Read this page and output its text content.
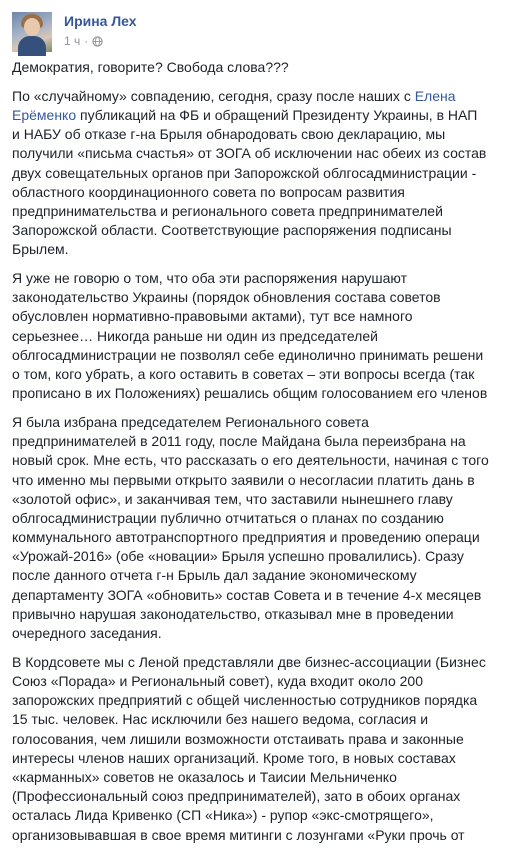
Ирина Лех
1 ч ·

Демократия, говорите? Свобода слова???

По «случайному» совпадению, сегодня, сразу после наших с Елена
Ерёменко публикаций на ФБ и обращений Президенту Украины, в НАП
и НАБУ об отказе г-на Брыля обнародовать свою декларацию, мы
получили «письма счастья» от ЗОГА об исключении нас обеих из состав
двух совещательных органов при Запорожской облгосадминистрации -
областного координационного совета по вопросам развития
предпринимательства и регионального совета предпринимателей
Запорожской области. Соответствующие распоряжения подписаны
Брылем.

Я уже не говорю о том, что оба эти распоряжения нарушают
законодательство Украины (порядок обновления состава советов
обусловлен нормативно-правовыми актами), тут все намного
серьезнее… Никогда раньше ни один из председателей
облгосадминистрации не позволял себе единолично принимать решени
о том, кого убрать, а кого оставить в советах – эти вопросы всегда (так
прописано в их Положениях) решались общим голосованием его членов

Я была избрана председателем Регионального совета
предпринимателей в 2011 году, после Майдана была переизбрана на
новый срок. Мне есть, что рассказать о его деятельности, начиная с того
что именно мы первыми открыто заявили о несогласии платить дань в
«золотой офис», и заканчивая тем, что заставили нынешнего главу
облгосадминистрации публично отчитаться о планах по созданию
коммунального автотранспортного предприятия и проведению операци
«Урожай-2016» (обе «новации» Брыля успешно провалились). Сразу
после данного отчета г-н Брыль дал задание экономическому
департаменту ЗОГА «обновить» состав Совета и в течение 4-х месяцев
привычно нарушая законодательство, отказывал мне в проведении
очередного заседания.

В Кордсовете мы с Леной представляли две бизнес-ассоциации (Бизнес
Союз «Порада» и Региональный совет), куда входит около 200
запорожских предприятий с общей численностью сотрудников порядка
15 тыс. человек. Нас исключили без нашего ведома, согласия и
голосования, чем лишили возможности отстаивать права и законные
интересы членов наших организаций. Кроме того, в новых составах
«карманных» советов не оказалось и Таисии Мельниченко
(Профессиональный союз предпринимателей), зато в обоих органах
осталась Лида Кривенко (СП «Ника») - рупор «экс-смотрящего»,
организовывавшая в свое время митинги с лозунгами «Руки прочь от
